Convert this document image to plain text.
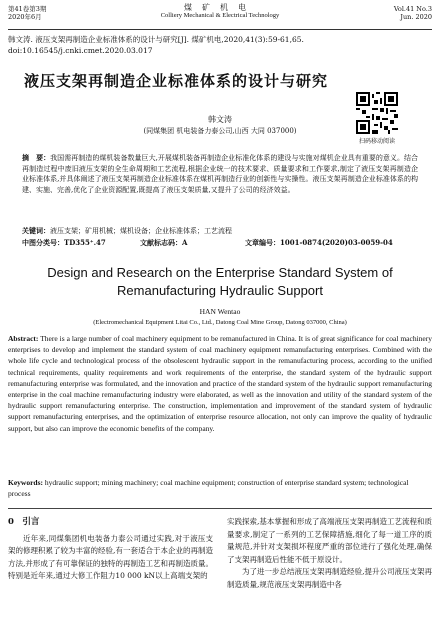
第41卷第3期
2020年6月
煤矿机电
Colliery Mechanical & Electrical Technology
Vol.41 No.3
Jun. 2020
韩文涛. 液压支架再制造企业标准体系的设计与研究[J]. 煤矿机电,2020,41(3):59-61,65. doi:10.16545/j.cnki.cmet.2020.03.017
液压支架再制造企业标准体系的设计与研究
扫码移动阅读
韩文涛
(同煤集团 机电装备力泰公司,山西 大同 037000)
摘　要：我国需再制造的煤机装备数量巨大,开展煤机装备再制造企业标准化体系的建设与实施对煤机企业具有重要的意义。结合再制造过程中废旧液压支架的全生命周期和工艺流程,根据企业统一的技术要求、质量要求和工作要求,制定了液压支架再制造企业标准体系,并具体阐述了液压支架再制造企业标准体系在煤机再制造行业的创新性与实操性。液压支架再制造企业标准体系的构建、实施、完善,优化了企业资源配置,既提高了液压支架质量,又提升了公司的经济效益。
关键词：液压支架；矿用机械；煤机设备；企业标准体系；工艺流程
中图分类号：TD355⁺.47	文献标志码：A	文章编号：1001-0874(2020)03-0059-04
Design and Research on the Enterprise Standard System of Remanufacturing Hydraulic Support
HAN Wentao
(Electromechanical Equipment Litai Co., Ltd., Datong Coal Mine Group, Datong 037000, China)
Abstract: There is a large number of coal machinery equipment to be remanufactured in China. It is of great significance for coal machinery enterprises to develop and implement the standard system of coal machinery equipment remanufacturing enterprises. Combined with the whole life cycle and technological process of the obsolescent hydraulic support in the remanufacturing process, according to the unified technical requirements, quality requirements and work requirements of the enterprise, the standard system of the hydraulic support remanufacturing enterprise was formulated, and the innovation and practice of the standard system of the hydraulic support remanufacturing enterprise in the coal machine remanufacturing industry were elaborated, as well as the innovation and utility of the standard system of the hydraulic support remanufacturing enterprise. The construction, implementation and improvement of the standard system of hydraulic support remanufacturing enterprises, and the optimization of enterprise resource allocation, not only can improve the quality of hydraulic support, but also can improve the economic benefits of the company.
Keywords: hydraulic support; mining machinery; coal machine equipment; construction of enterprise standard system; technological process
0　引言

近年来,同煤集团机电装备力泰公司通过实践,对于液压支架的修理积累了较为丰富的经验,有一套适合于本企业的再制造方法,并形成了有可靠保证的独特的再制造工艺和再制造质量。特别是近年来,通过大修工作阻力10 000 kN以上高端支架的

实践探索,基本掌握和形成了高端液压支架再制造工艺流程和质量要求,制定了一系列的工艺保障措施,细化了每一道工序的质量规范,并针对支架损坏程度严重的部位进行了强化处理,确保了支架再制造后性能不低于原设计。

为了进一步总结液压支架再制造经验,提升公司液压支架再制造质量,规范液压支架再制造中各
